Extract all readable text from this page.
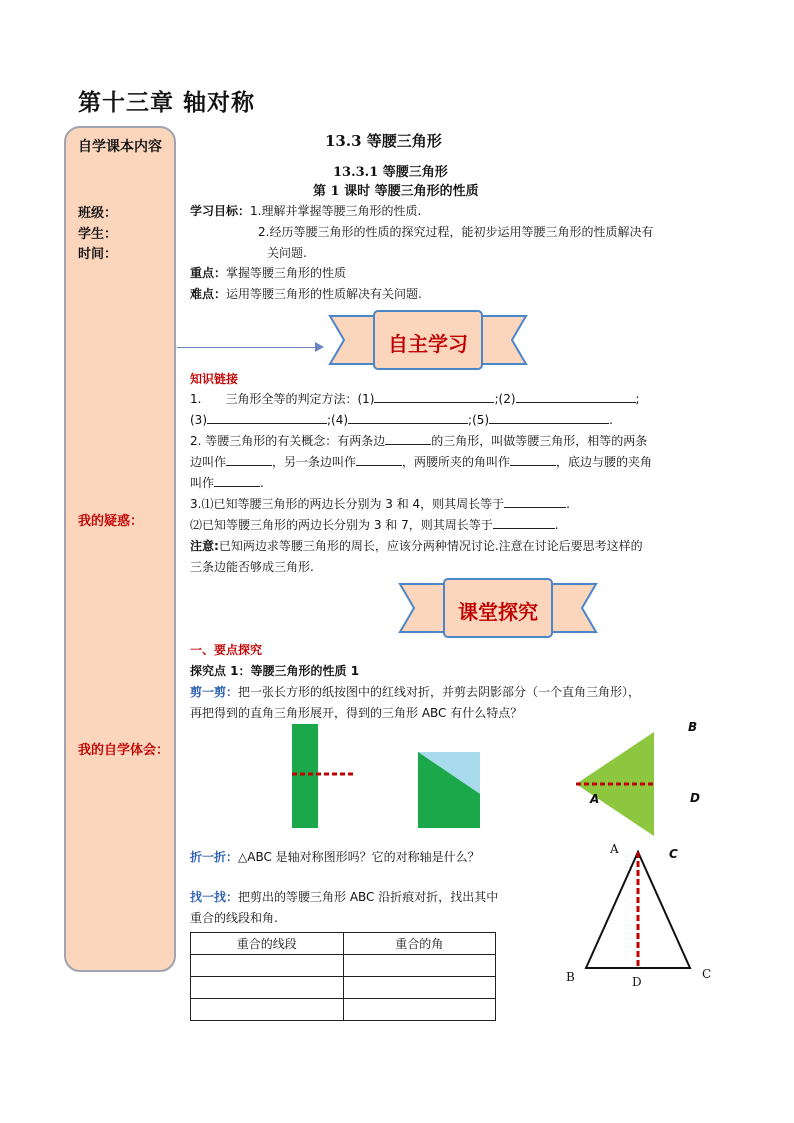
第十三章 轴对称
自学课本内容
班级：
学生：
时间：
我的疑惑：
我的自学体会：
13.3 等腰三角形
13.3.1 等腰三角形
第 1 课时 等腰三角形的性质
学习目标：1.理解并掌握等腰三角形的性质.
2.经历等腰三角形的性质的探究过程，能初步运用等腰三角形的性质解决有
关问题.
重点：掌握等腰三角形的性质
难点：运用等腰三角形的性质解决有关问题.
自主学习
知识链接
1. 三角形全等的判定方法：(1)	;(2)	;
(3)	;(4)	;(5)	.
2. 等腰三角形的有关概念：有两条边	的三角形，叫做等腰三角形，相等的两条
边叫作	，另一条边叫作	，两腰所夹的角叫作	，底边与腰的夹角
叫作	.
3.⑴已知等腰三角形的两边长分别为 3 和 4，则其周长等于	.
⑵已知等腰三角形的两边长分别为 3 和 7，则其周长等于	.
注意:已知两边求等腰三角形的周长，应该分两种情况讨论.注意在讨论后要思考这样的
三条边能否够成三角形.
课堂探究
一、要点探究
探究点 1：等腰三角形的性质 1
剪一剪：把一张长方形的纸按图中的红线对折，并剪去阴影部分（一个直角三角形），
再把得到的直角三角形展开，得到的三角形 ABC 有什么特点？
B
A	D
C
折一折：△ABC 是轴对称图形吗？它的对称轴是什么？
找一找：把剪出的等腰三角形 ABC 沿折痕对折，找出其中
重合的线段和角.
重合的线段	重合的角

A
B	C
D
